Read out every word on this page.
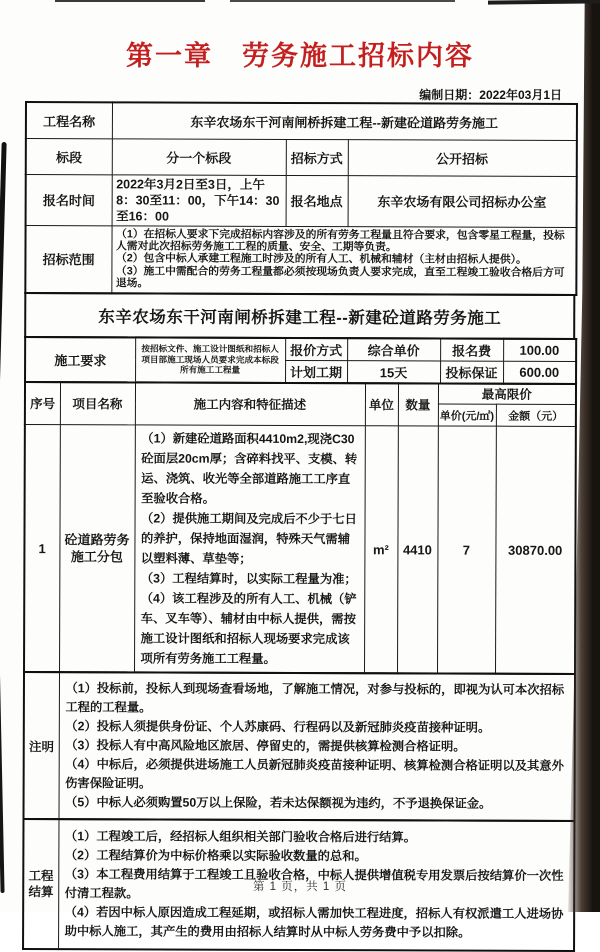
第一章　劳务施工招标内容
编制日期：2022年03月1日
工程名称	东辛农场东干河南闸桥拆建工程--新建砼道路劳务施工		
标段	分一个标段	招标方式	公开招标
报名时间	2022年3月2日至3日，上午8：30至11：00，下午14：30至16：00	报名地点	东辛农场有限公司招标办公室
招标范围	（1）在招标人要求下完成招标内容涉及的所有劳务工程量且符合要求，包含零星工程量，投标人需对此次招标劳务施工工程的质量、安全、工期等负责。
（2）包含中标人承建工程施工时涉及的所有人工、机械和辅材（主材由招标人提供）。
（3）施工中需配合的劳务工程量都必须按现场负责人要求完成，直至工程竣工验收合格后方可退场。		
东辛农场东干河南闸桥拆建工程--新建砼道路劳务施工
施工要求	按招标文件、施工设计图纸和招标人项目部施工现场人员要求完成本标段所有施工工程量	报价方式	综合单价	报名费	100.00
		计划工期	15天	投标保证	600.00
序号	项目名称	施工内容和特征描述	单位	数量	最高限价	
					单价(元/㎡)	金额（元）
1	砼道路劳务施工分包	（1）新建砼道路面积4410m2,现浇C30砼面层20cm厚；含碎料找平、支模、转运、浇筑、收光等全部道路施工工序直至验收合格。
（2）提供施工期间及完成后不少于七日的养护，保持地面湿润，特殊天气需辅以塑料薄、草垫等；
（3）工程结算时，以实际工程量为准；
（4）该工程涉及的所有人工、机械（铲车、叉车等）、辅材由中标人提供，需按施工设计图纸和招标人现场要求完成该项所有劳务施工工程量。	m²	4410	7	30870.00
注明	
（1）投标前，投标人到现场查看场地，了解施工情况，对参与投标的，即视为认可本次招标工程的工程量。
（2）投标人须提供身份证、个人苏康码、行程码以及新冠肺炎疫苗接种证明。
（3）投标人有中高风险地区旅居、停留史的，需提供核算检测合格证明。
（4）中标后，必须提供进场施工人员新冠肺炎疫苗接种证明、核算检测合格证明以及其意外伤害保险证明。
（5）中标人必须购置50万以上保险，若未达保额视为违约，不予退换保证金。
工程结算	
（1）工程竣工后，经招标人组织相关部门验收合格后进行结算。
（2）工程结算价为中标价格乘以实际验收数量的总和。
（3）本工程费用结算于工程竣工且验收合格，中标人提供增值税专用发票后按结算价一次性付清工程款。
（4）若因中标人原因造成工程延期，或招标人需加快工程进度，招标人有权派遣工人进场协助中标人施工，其产生的费用由招标人结算时从中标人劳务费中予以扣除。
第 1 页，共 1 页
